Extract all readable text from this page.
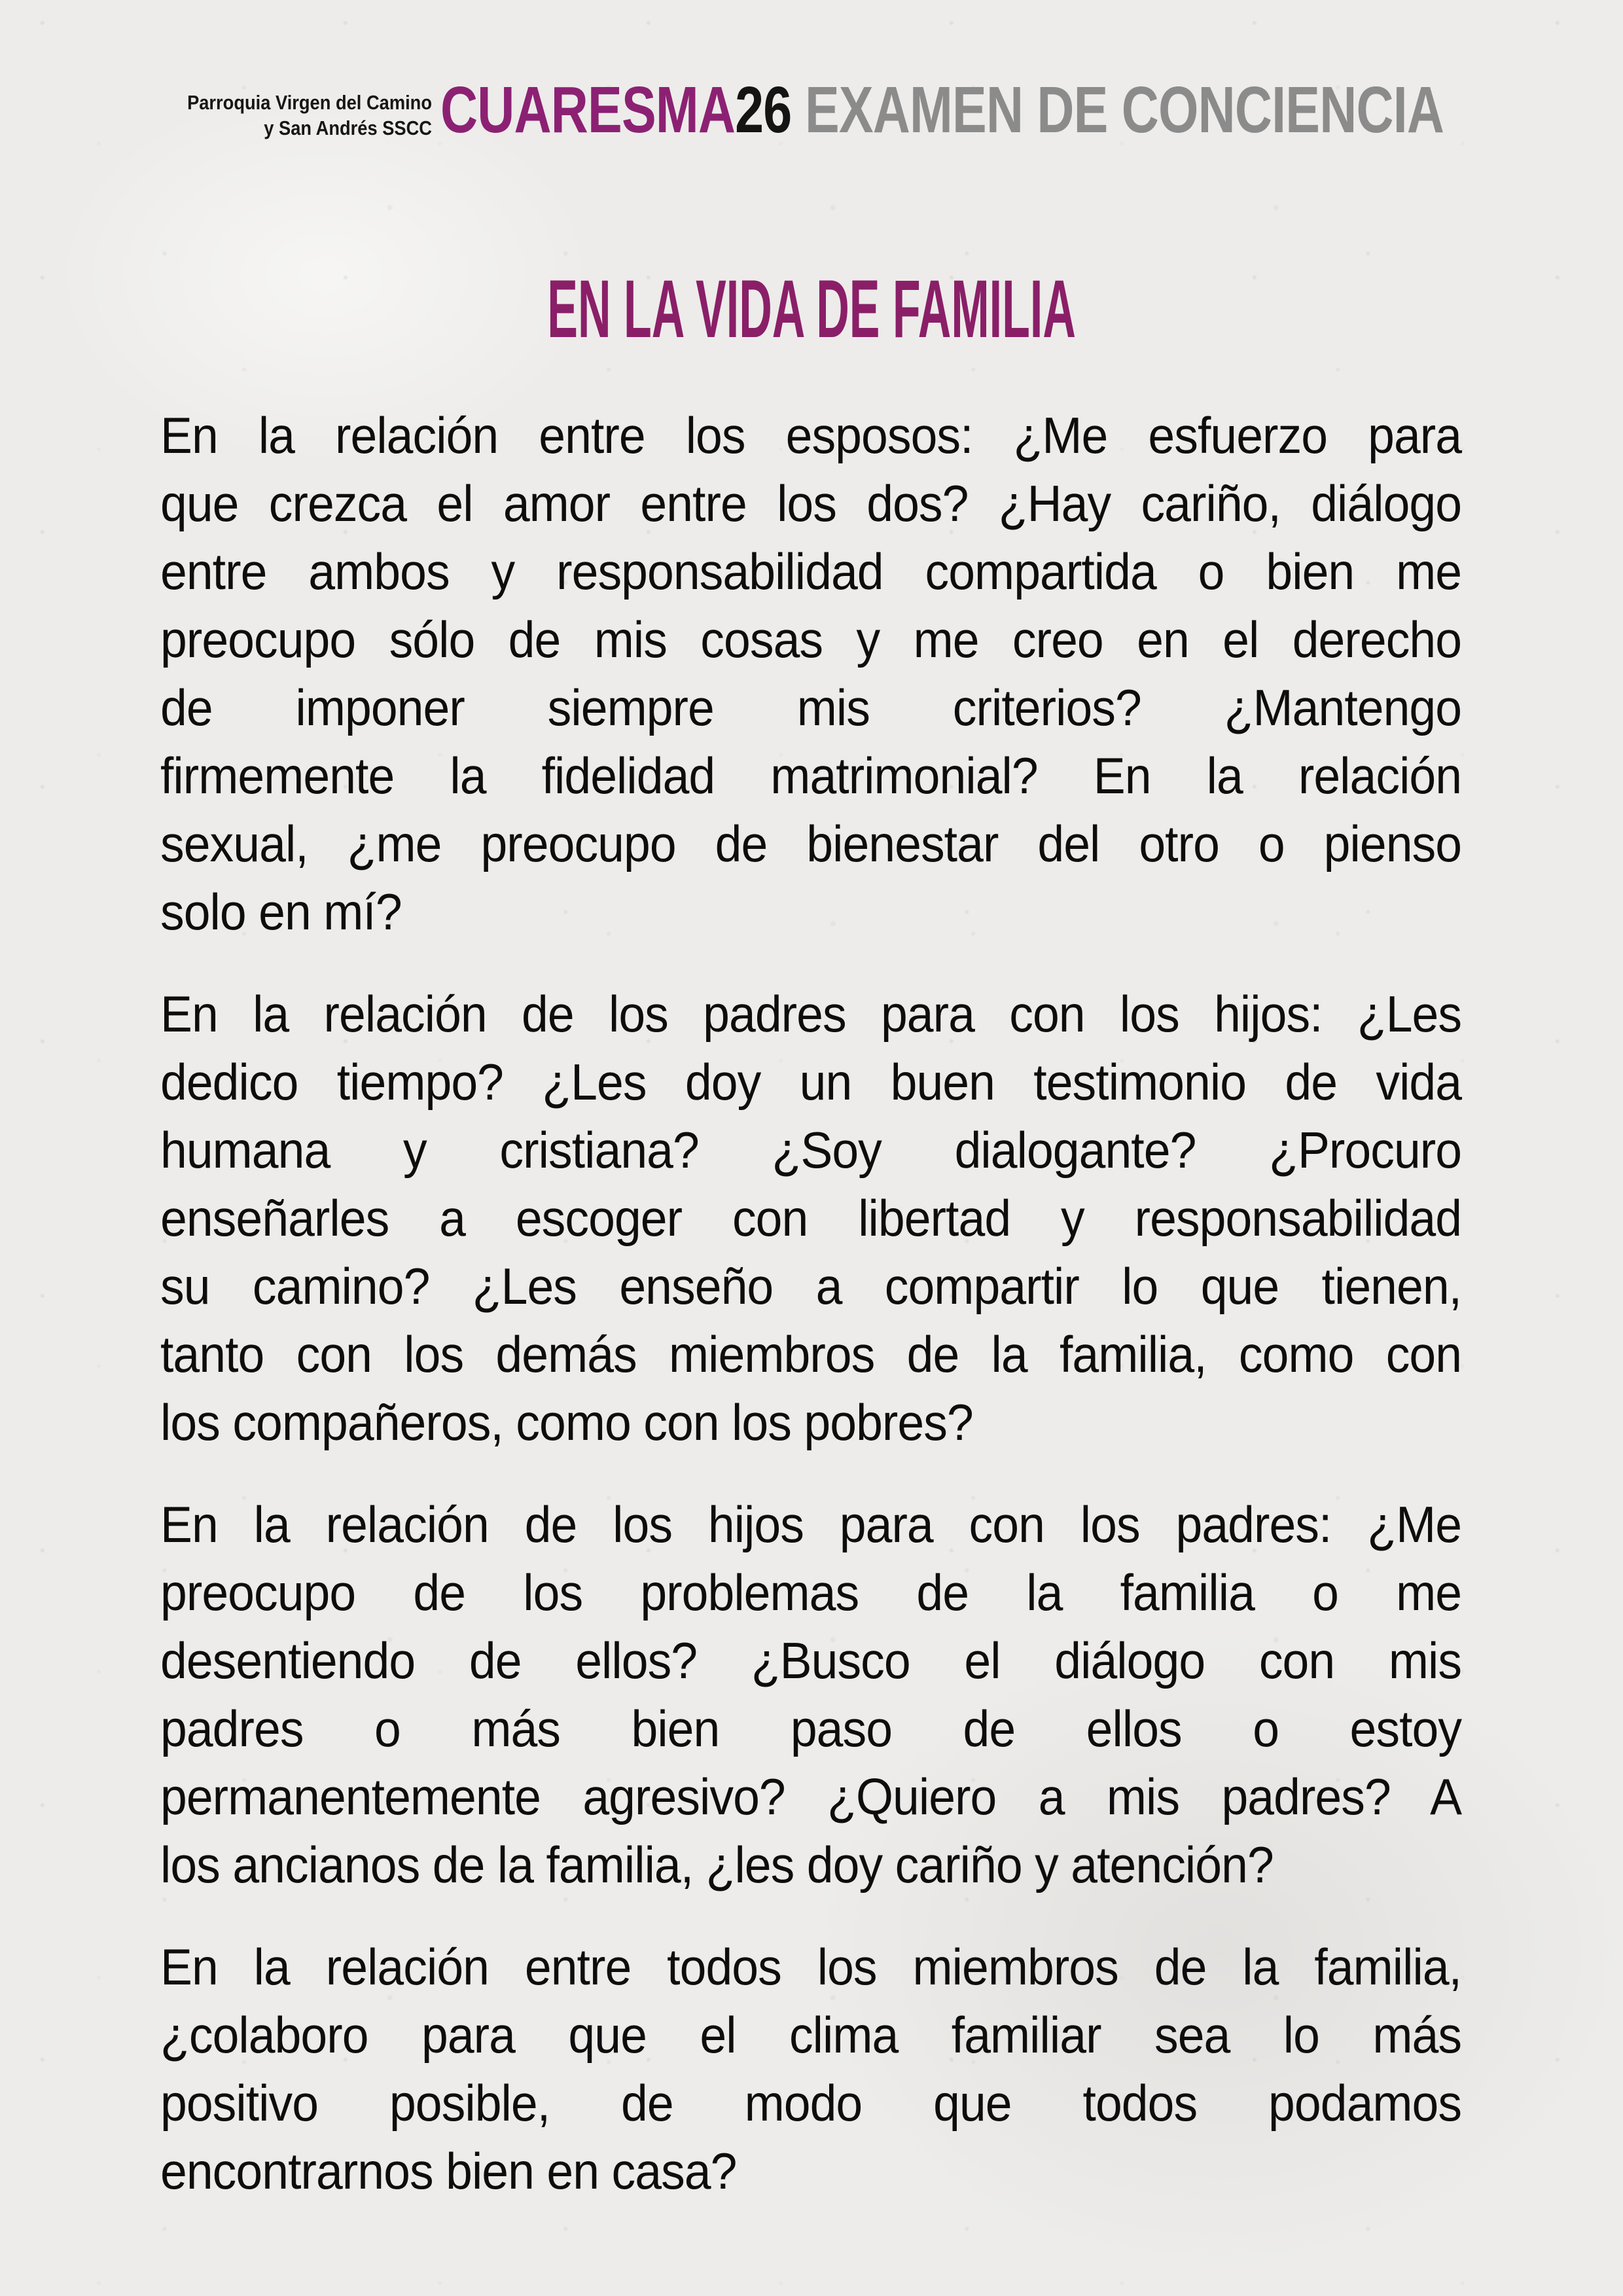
Parroquia Virgen del Camino
y San Andrés SSCC CUARESMA26 EXAMEN DE CONCIENCIA
EN LA VIDA DE FAMILIA
En la relación entre los esposos: ¿Me esfuerzo para
que crezca el amor entre los dos? ¿Hay cariño, diálogo
entre ambos y responsabilidad compartida o bien me
preocupo sólo de mis cosas y me creo en el derecho
de imponer siempre mis criterios? ¿Mantengo
firmemente la fidelidad matrimonial? En la relación
sexual, ¿me preocupo de bienestar del otro o pienso
solo en mí?
En la relación de los padres para con los hijos: ¿Les
dedico tiempo? ¿Les doy un buen testimonio de vida
humana y cristiana? ¿Soy dialogante? ¿Procuro
enseñarles a escoger con libertad y responsabilidad
su camino? ¿Les enseño a compartir lo que tienen,
tanto con los demás miembros de la familia, como con
los compañeros, como con los pobres?
En la relación de los hijos para con los padres: ¿Me
preocupo de los problemas de la familia o me
desentiendo de ellos? ¿Busco el diálogo con mis
padres o más bien paso de ellos o estoy
permanentemente agresivo? ¿Quiero a mis padres? A
los ancianos de la familia, ¿les doy cariño y atención?
En la relación entre todos los miembros de la familia,
¿colaboro para que el clima familiar sea lo más
positivo posible, de modo que todos podamos
encontrarnos bien en casa?
